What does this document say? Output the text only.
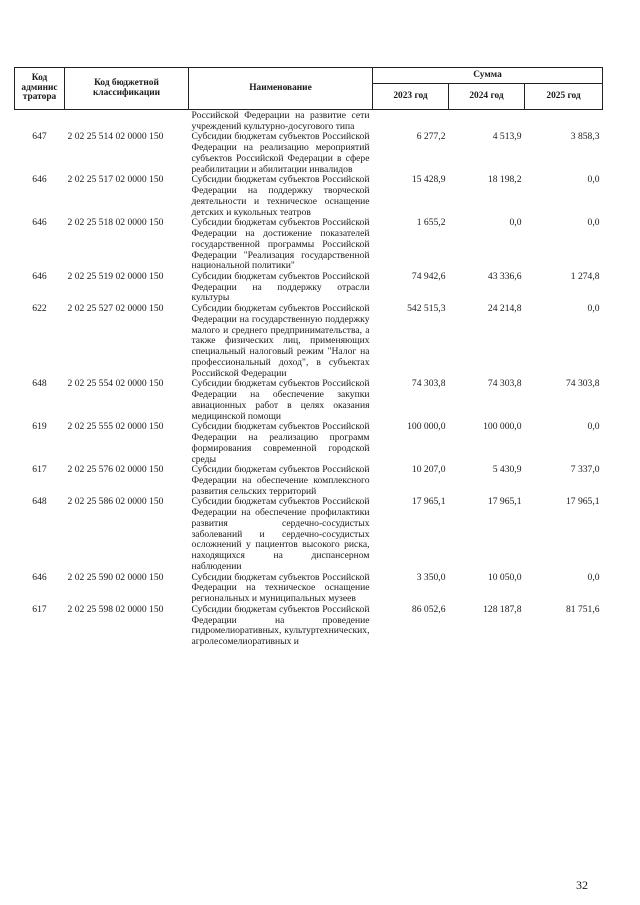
Код админис тратора	Код бюджетной классификации	Наименование	Сумма		
			2023 год	2024 год	2025 год
		Российской Федерации на развитие сети учреждений культурно-досугового типа			
647	2 02 25 514 02 0000 150	Субсидии бюджетам субъектов Российской Федерации на реализацию мероприятий субъектов Российской Федерации в сфере реабилитации и абилитации инвалидов	6 277,2	4 513,9	3 858,3
646	2 02 25 517 02 0000 150	Субсидии бюджетам субъектов Российской Федерации на поддержку творческой деятельности и техническое оснащение детских и кукольных театров	15 428,9	18 198,2	0,0
646	2 02 25 518 02 0000 150	Субсидии бюджетам субъектов Российской Федерации на достижение показателей государственной программы Российской Федерации "Реализация государственной национальной политики"	1 655,2	0,0	0,0
646	2 02 25 519 02 0000 150	Субсидии бюджетам субъектов Российской Федерации на поддержку отрасли культуры	74 942,6	43 336,6	1 274,8
622	2 02 25 527 02 0000 150	Субсидии бюджетам субъектов Российской Федерации на государственную поддержку малого и среднего предпринимательства, а также физических лиц, применяющих специальный налоговый режим "Налог на профессиональный доход", в субъектах Российской Федерации	542 515,3	24 214,8	0,0
648	2 02 25 554 02 0000 150	Субсидии бюджетам субъектов Российской Федерации на обеспечение закупки авиационных работ в целях оказания медицинской помощи	74 303,8	74 303,8	74 303,8
619	2 02 25 555 02 0000 150	Субсидии бюджетам субъектов Российской Федерации на реализацию программ формирования современной городской среды	100 000,0	100 000,0	0,0
617	2 02 25 576 02 0000 150	Субсидии бюджетам субъектов Российской Федерации на обеспечение комплексного развития сельских территорий	10 207,0	5 430,9	7 337,0
648	2 02 25 586 02 0000 150	Субсидии бюджетам субъектов Российской Федерации на обеспечение профилактики развития сердечно-сосудистых заболеваний и сердечно-сосудистых осложнений у пациентов высокого риска, находящихся на диспансерном наблюдении	17 965,1	17 965,1	17 965,1
646	2 02 25 590 02 0000 150	Субсидии бюджетам субъектов Российской Федерации на техническое оснащение региональных и муниципальных музеев	3 350,0	10 050,0	0,0
617	2 02 25 598 02 0000 150	Субсидии бюджетам субъектов Российской Федерации на проведение гидромелиоративных, культуртехнических, агролесомелиоративных и	86 052,6	128 187,8	81 751,6
32
